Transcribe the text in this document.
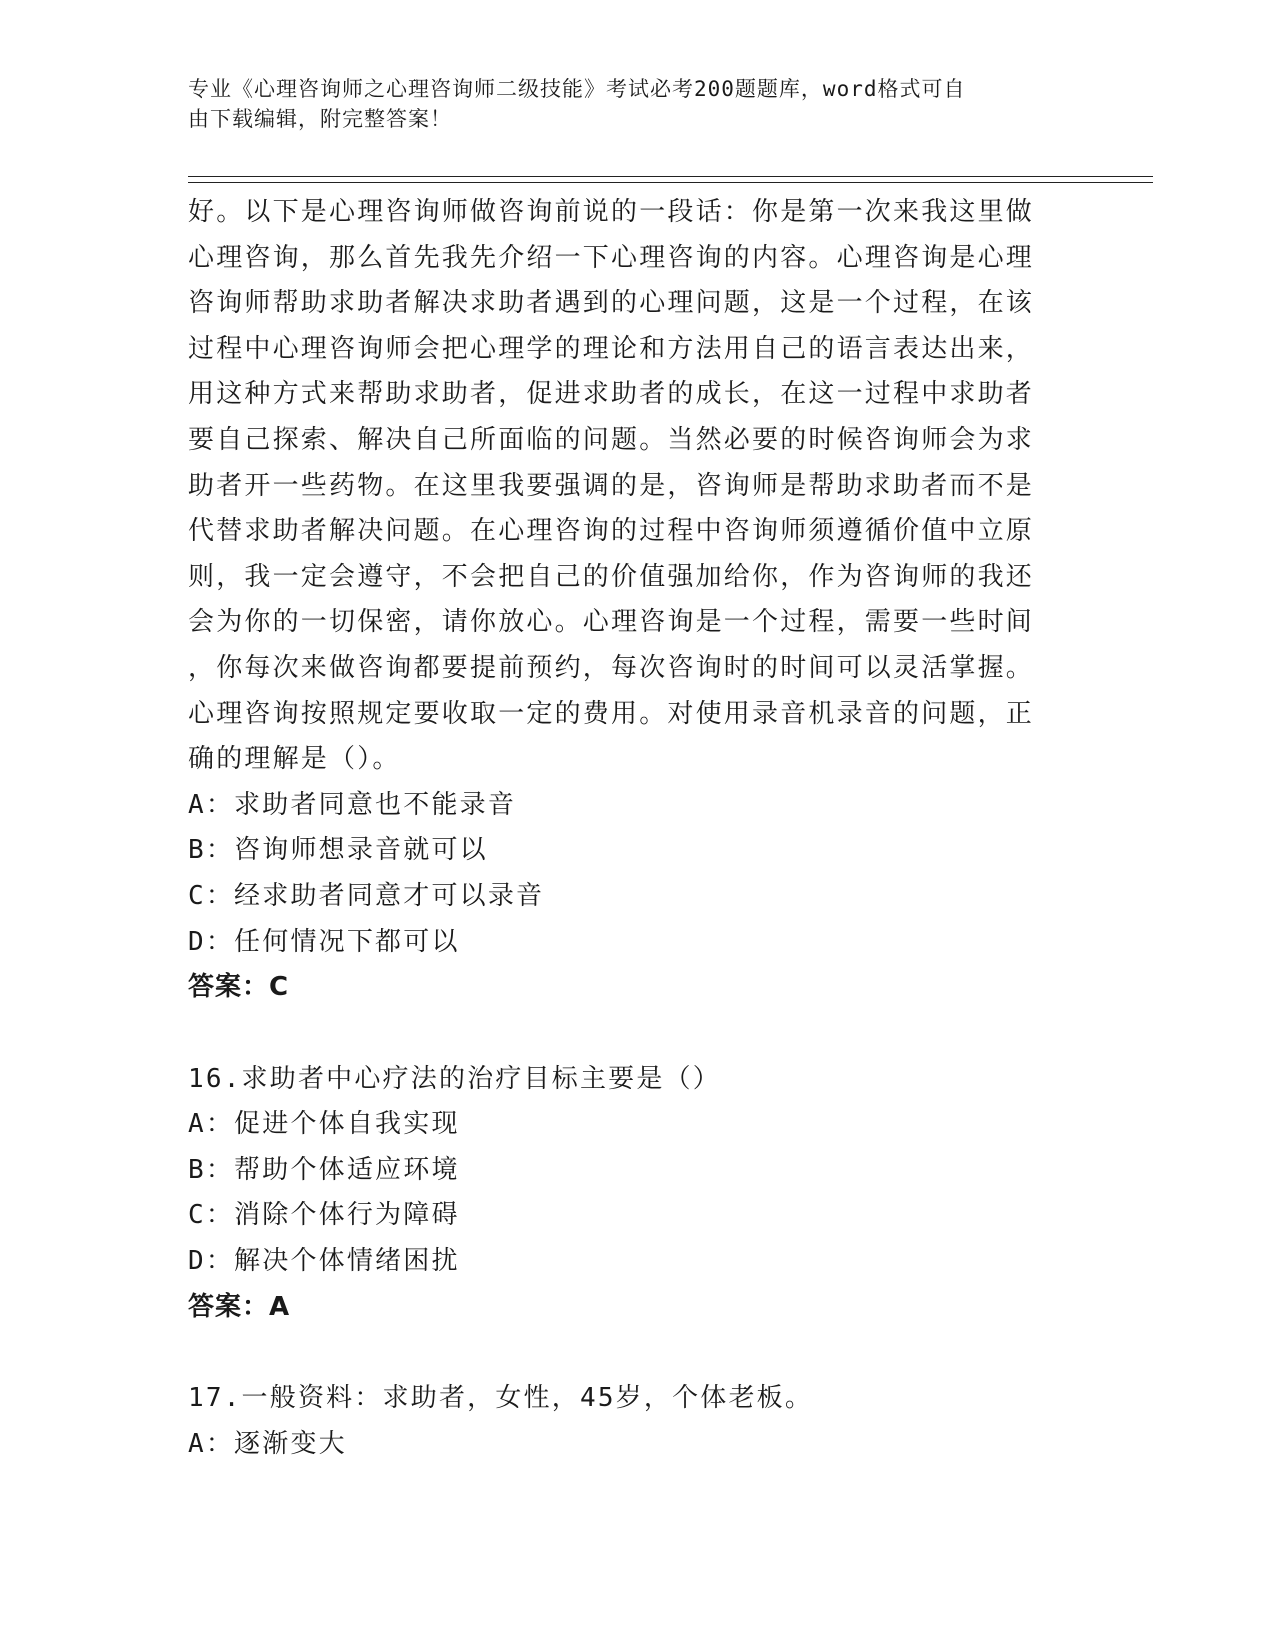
专业《心理咨询师之心理咨询师二级技能》考试必考200题题库，word格式可自
由下载编辑，附完整答案！
好。以下是心理咨询师做咨询前说的一段话：你是第一次来我这里做
心理咨询，那么首先我先介绍一下心理咨询的内容。心理咨询是心理
咨询师帮助求助者解决求助者遇到的心理问题，这是一个过程，在该
过程中心理咨询师会把心理学的理论和方法用自己的语言表达出来，
用这种方式来帮助求助者，促进求助者的成长，在这一过程中求助者
要自己探索、解决自己所面临的问题。当然必要的时候咨询师会为求
助者开一些药物。在这里我要强调的是，咨询师是帮助求助者而不是
代替求助者解决问题。在心理咨询的过程中咨询师须遵循价值中立原
则，我一定会遵守，不会把自己的价值强加给你，作为咨询师的我还
会为你的一切保密，请你放心。心理咨询是一个过程，需要一些时间
，你每次来做咨询都要提前预约，每次咨询时的时间可以灵活掌握。
心理咨询按照规定要收取一定的费用。对使用录音机录音的问题，正
确的理解是（）。
A：求助者同意也不能录音
B：咨询师想录音就可以
C：经求助者同意才可以录音
D：任何情况下都可以
答案：C
16.求助者中心疗法的治疗目标主要是（）
A：促进个体自我实现
B：帮助个体适应环境
C：消除个体行为障碍
D：解决个体情绪困扰
答案：A
17.一般资料：求助者，女性，45岁，个体老板。
A：逐渐变大
